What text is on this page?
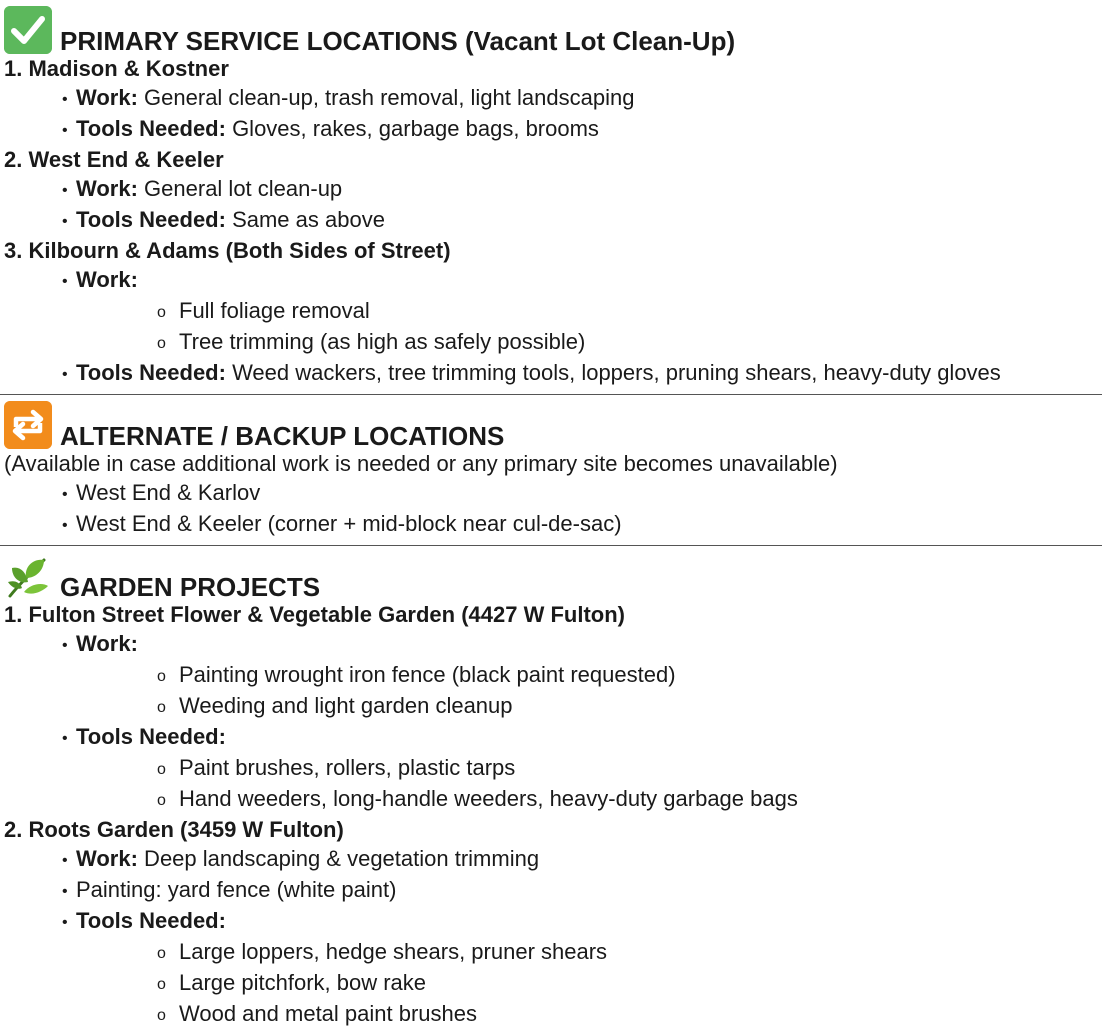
PRIMARY SERVICE LOCATIONS (Vacant Lot Clean-Up)
1. Madison & Kostner
• Work: General clean-up, trash removal, light landscaping
• Tools Needed: Gloves, rakes, garbage bags, brooms
2. West End & Keeler
• Work: General lot clean-up
• Tools Needed: Same as above
3. Kilbourn & Adams (Both Sides of Street)
• Work:
o Full foliage removal
o Tree trimming (as high as safely possible)
• Tools Needed: Weed wackers, tree trimming tools, loppers, pruning shears, heavy-duty gloves
ALTERNATE / BACKUP LOCATIONS
(Available in case additional work is needed or any primary site becomes unavailable)
• West End & Karlov
• West End & Keeler (corner + mid-block near cul-de-sac)
GARDEN PROJECTS
1. Fulton Street Flower & Vegetable Garden (4427 W Fulton)
• Work:
o Painting wrought iron fence (black paint requested)
o Weeding and light garden cleanup
• Tools Needed:
o Paint brushes, rollers, plastic tarps
o Hand weeders, long-handle weeders, heavy-duty garbage bags
2. Roots Garden (3459 W Fulton)
• Work: Deep landscaping & vegetation trimming
• Painting: yard fence (white paint)
• Tools Needed:
o Large loppers, hedge shears, pruner shears
o Large pitchfork, bow rake
o Wood and metal paint brushes
